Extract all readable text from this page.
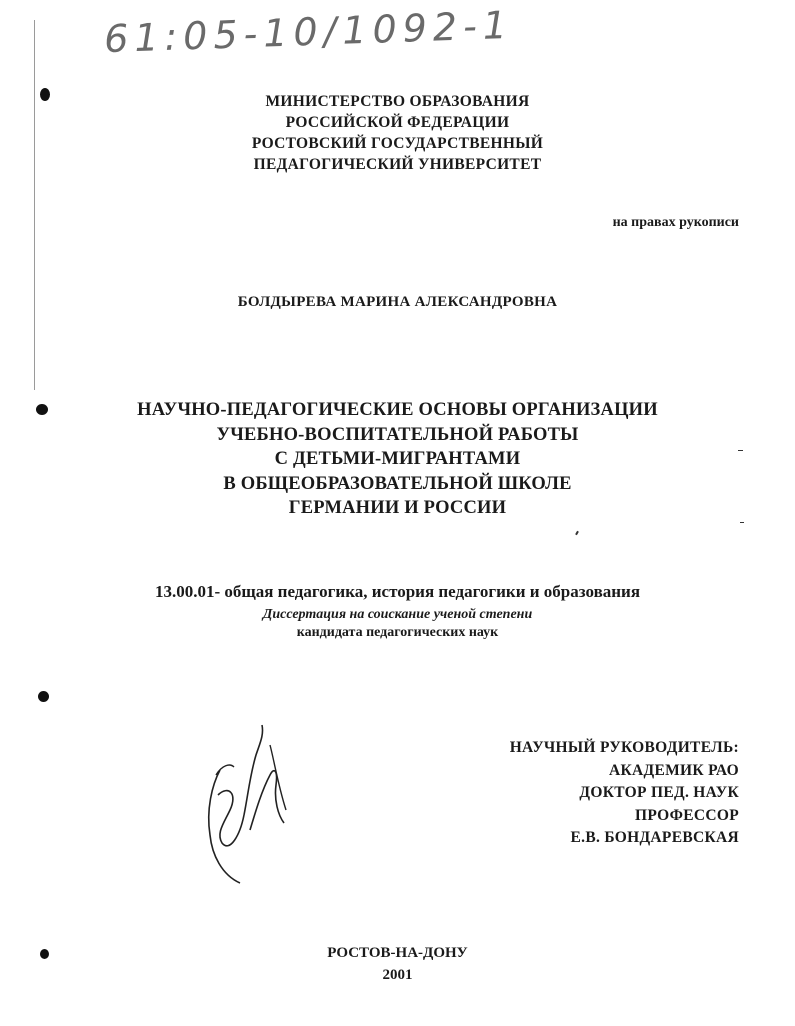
61:05-10/1092-1
МИНИСТЕРСТВО ОБРАЗОВАНИЯ
РОССИЙСКОЙ ФЕДЕРАЦИИ
РОСТОВСКИЙ ГОСУДАРСТВЕННЫЙ
ПЕДАГОГИЧЕСКИЙ УНИВЕРСИТЕТ
на правах рукописи
БОЛДЫРЕВА МАРИНА АЛЕКСАНДРОВНА
НАУЧНО-ПЕДАГОГИЧЕСКИЕ ОСНОВЫ ОРГАНИЗАЦИИ
УЧЕБНО-ВОСПИТАТЕЛЬНОЙ РАБОТЫ
С ДЕТЬМИ-МИГРАНТАМИ
В ОБЩЕОБРАЗОВАТЕЛЬНОЙ ШКОЛЕ
ГЕРМАНИИ И РОССИИ
13.00.01- общая педагогика, история педагогики и образования
Диссертация на соискание ученой степени
кандидата педагогических наук
НАУЧНЫЙ РУКОВОДИТЕЛЬ:
АКАДЕМИК РАО
ДОКТОР ПЕД. НАУК
ПРОФЕССОР
Е.В. БОНДАРЕВСКАЯ
РОСТОВ-НА-ДОНУ
2001
